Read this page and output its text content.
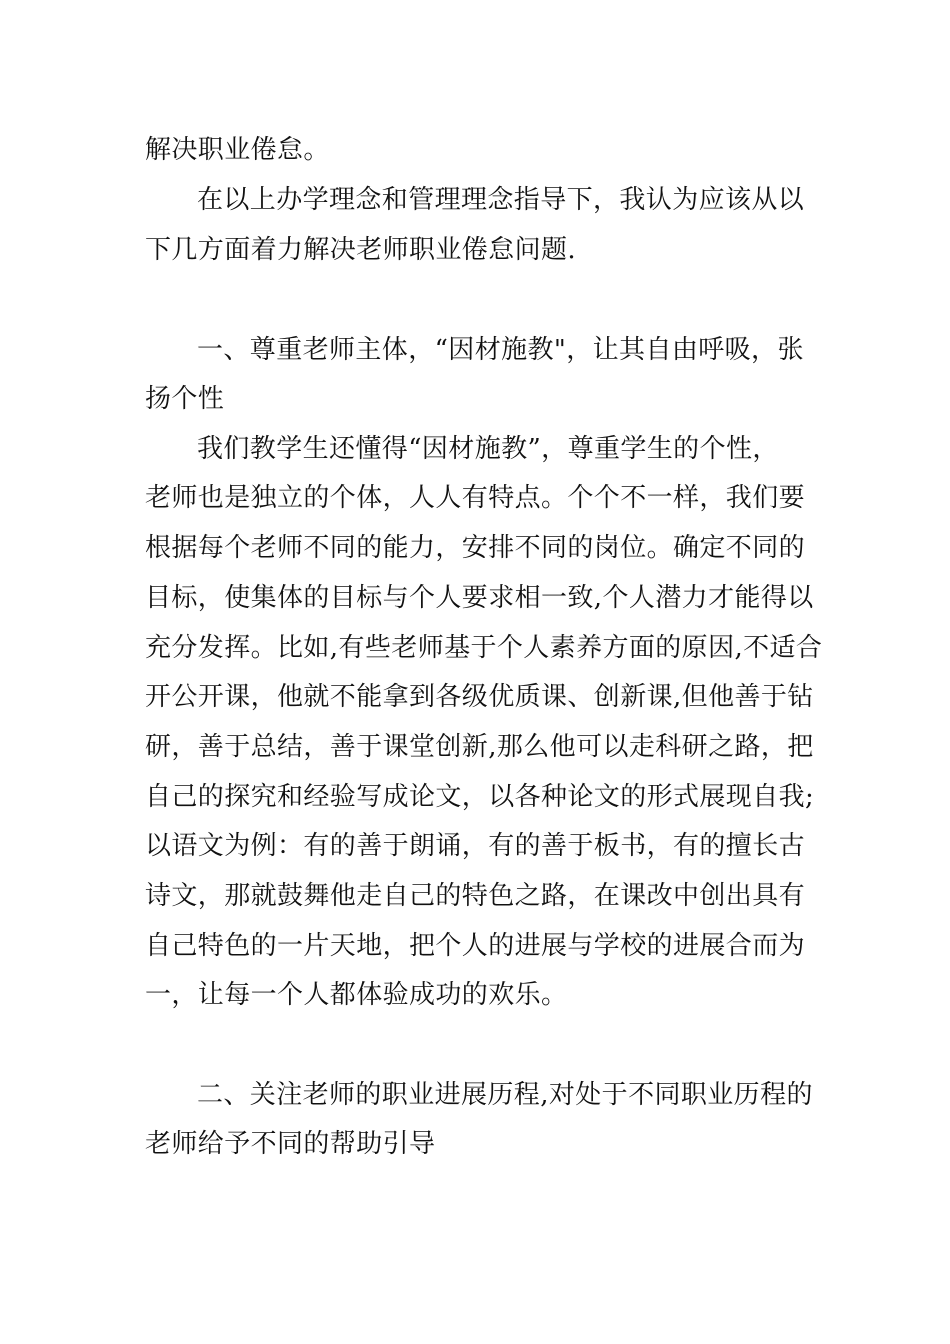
解决职业倦怠。
在以上办学理念和管理理念指导下，我认为应该从以
下几方面着力解决老师职业倦怠问题.
一、尊重老师主体，“因材施教"，让其自由呼吸，张
扬个性
我们教学生还懂得“因材施教”，尊重学生的个性，
老师也是独立的个体，人人有特点。个个不一样，我们要
根据每个老师不同的能力，安排不同的岗位。确定不同的
目标，使集体的目标与个人要求相一致,个人潜力才能得以
充分发挥。比如,有些老师基于个人素养方面的原因,不适合
开公开课，他就不能拿到各级优质课、创新课,但他善于钻
研，善于总结，善于课堂创新,那么他可以走科研之路，把
自己的探究和经验写成论文，以各种论文的形式展现自我;
以语文为例：有的善于朗诵，有的善于板书，有的擅长古
诗文，那就鼓舞他走自己的特色之路，在课改中创出具有
自己特色的一片天地，把个人的进展与学校的进展合而为
一，让每一个人都体验成功的欢乐。
二、关注老师的职业进展历程,对处于不同职业历程的
老师给予不同的帮助引导
